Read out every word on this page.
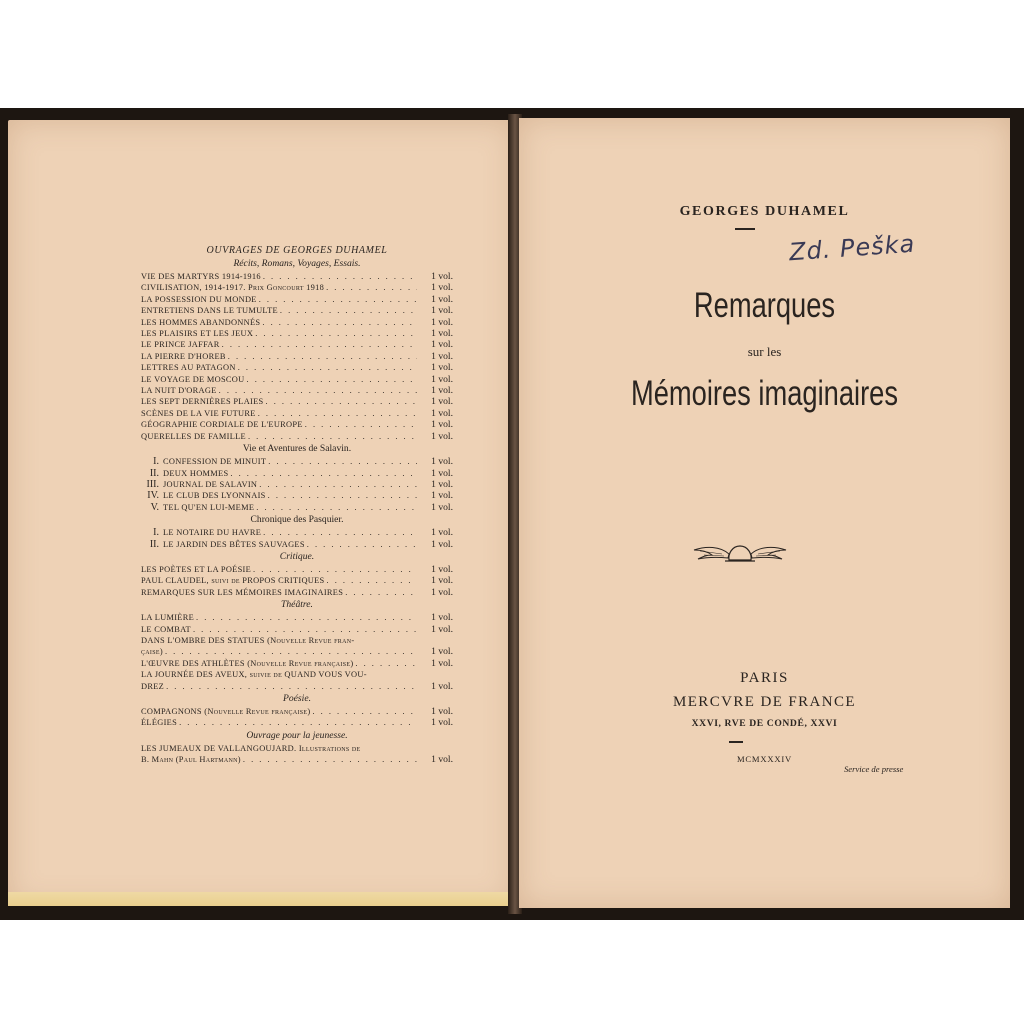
OUVRAGES DE GEORGES DUHAMEL
Récits, Romans, Voyages, Essais.
VIE DES MARTYRS 1914-1916 . . .	1 vol.
CIVILISATION, 1914-1917. Prix Goncourt 1918 . . .	1 vol.
LA POSSESSION DU MONDE . . .	1 vol.
ENTRETIENS DANS LE TUMULTE . . .	1 vol.
LES HOMMES ABANDONNÉS . . .	1 vol.
LES PLAISIRS ET LES JEUX . . .	1 vol.
LE PRINCE JAFFAR . . .	1 vol.
LA PIERRE D'HOREB . . .	1 vol.
LETTRES AU PATAGON . . .	1 vol.
LE VOYAGE DE MOSCOU . . .	1 vol.
LA NUIT D'ORAGE . . .	1 vol.
LES SEPT DERNIÈRES PLAIES . . .	1 vol.
SCÈNES DE LA VIE FUTURE . . .	1 vol.
GÉOGRAPHIE CORDIALE DE L'EUROPE . . .	1 vol.
QUERELLES DE FAMILLE . . .	1 vol.
Vie et Aventures de Salavin.
I. CONFESSION DE MINUIT . . .	1 vol.
II. DEUX HOMMES . . .	1 vol.
III. JOURNAL DE SALAVIN . . .	1 vol.
IV. LE CLUB DES LYONNAIS . . .	1 vol.
V. TEL QU'EN LUI-MEME . . .	1 vol.
Chronique des Pasquier.
I. LE NOTAIRE DU HAVRE . . .	1 vol.
II. LE JARDIN DES BÊTES SAUVAGES . . .	1 vol.
Critique.
LES POÈTES ET LA POÉSIE . . .	1 vol.
PAUL CLAUDEL, suivi de PROPOS CRITIQUES . . .	1 vol.
REMARQUES SUR LES MÉMOIRES IMAGINAIRES . . .	1 vol.
Théâtre.
LA LUMIÈRE . . .	1 vol.
LE COMBAT . . .	1 vol.
DANS L'OMBRE DES STATUES (Nouvelle Revue fran-
çaise) . . .	1 vol.
L'ŒUVRE DES ATHLÈTES (Nouvelle Revue française) . . .	1 vol.
LA JOURNÉE DES AVEUX, suivie de QUAND VOUS VOU-
DREZ . . .	1 vol.
Poésie.
COMPAGNONS (Nouvelle Revue française) . . .	1 vol.
ÉLÉGIES . . .	1 vol.
Ouvrage pour la jeunesse.
LES JUMEAUX DE VALLANGOUJARD. Illustrations de
B. Mahn (Paul Hartmann) . . .	1 vol.
GEORGES DUHAMEL
Zd. Peška
Remarques
sur les
Mémoires imaginaires
PARIS
MERCVRE DE FRANCE
XXVI, RVE DE CONDÉ, XXVI
MCMXXXIV
Service de presse
